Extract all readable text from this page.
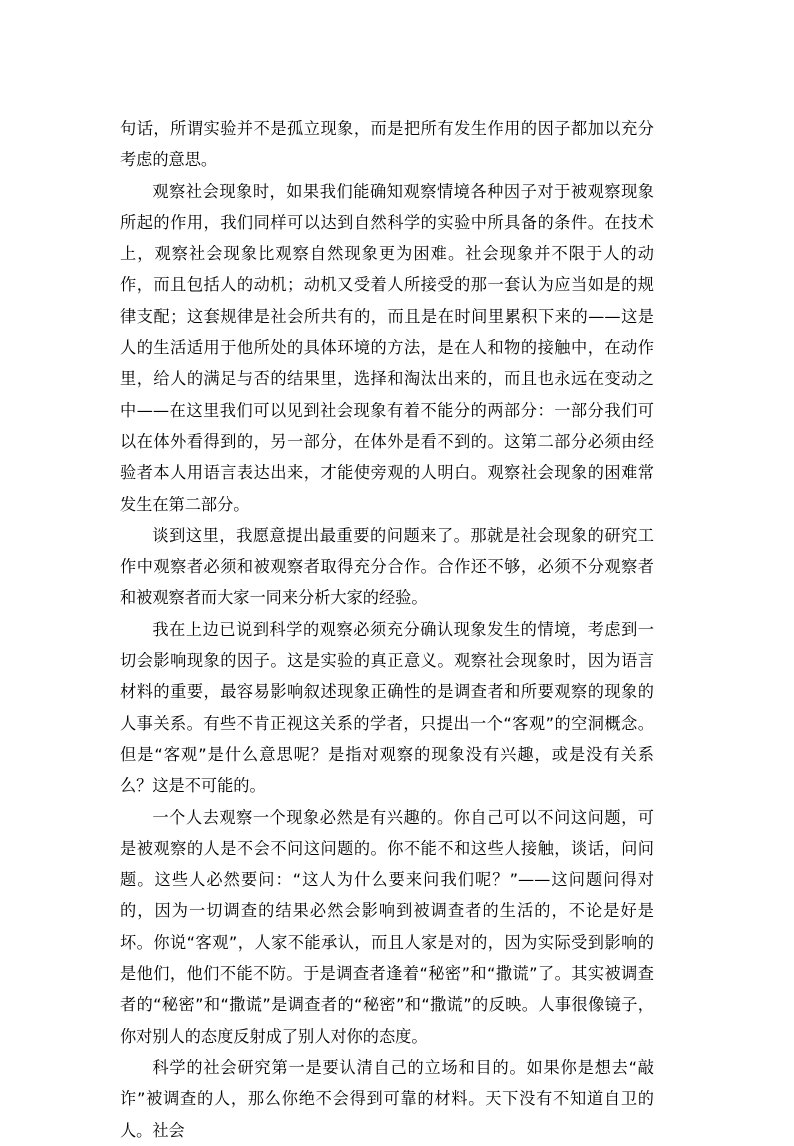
句话，所谓实验并不是孤立现象，而是把所有发生作用的因子都加以充分考虑的意思。

观察社会现象时，如果我们能确知观察情境各种因子对于被观察现象所起的作用，我们同样可以达到自然科学的实验中所具备的条件。在技术上，观察社会现象比观察自然现象更为困难。社会现象并不限于人的动作，而且包括人的动机；动机又受着人所接受的那一套认为应当如是的规律支配；这套规律是社会所共有的，而且是在时间里累积下来的——这是人的生活适用于他所处的具体环境的方法，是在人和物的接触中，在动作里，给人的满足与否的结果里，选择和淘汰出来的，而且也永远在变动之中——在这里我们可以见到社会现象有着不能分的两部分：一部分我们可以在体外看得到的，另一部分，在体外是看不到的。这第二部分必须由经验者本人用语言表达出来，才能使旁观的人明白。观察社会现象的困难常发生在第二部分。

谈到这里，我愿意提出最重要的问题来了。那就是社会现象的研究工作中观察者必须和被观察者取得充分合作。合作还不够，必须不分观察者和被观察者而大家一同来分析大家的经验。

我在上边已说到科学的观察必须充分确认现象发生的情境，考虑到一切会影响现象的因子。这是实验的真正意义。观察社会现象时，因为语言材料的重要，最容易影响叙述现象正确性的是调查者和所要观察的现象的人事关系。有些不肯正视这关系的学者，只提出一个“客观”的空洞概念。但是“客观”是什么意思呢？是指对观察的现象没有兴趣，或是没有关系么？这是不可能的。

一个人去观察一个现象必然是有兴趣的。你自己可以不问这问题，可是被观察的人是不会不问这问题的。你不能不和这些人接触，谈话，问问题。这些人必然要问：“这人为什么要来问我们呢？”——这问题问得对的，因为一切调查的结果必然会影响到被调查者的生活的，不论是好是坏。你说“客观”，人家不能承认，而且人家是对的，因为实际受到影响的是他们，他们不能不防。于是调查者逢着“秘密”和“撒谎”了。其实被调查者的“秘密”和“撒谎”是调查者的“秘密”和“撒谎”的反映。人事很像镜子，你对别人的态度反射成了别人对你的态度。

科学的社会研究第一是要认清自己的立场和目的。如果你是想去“敲诈”被调查的人，那么你绝不会得到可靠的材料。天下没有不知道自卫的人。社会
